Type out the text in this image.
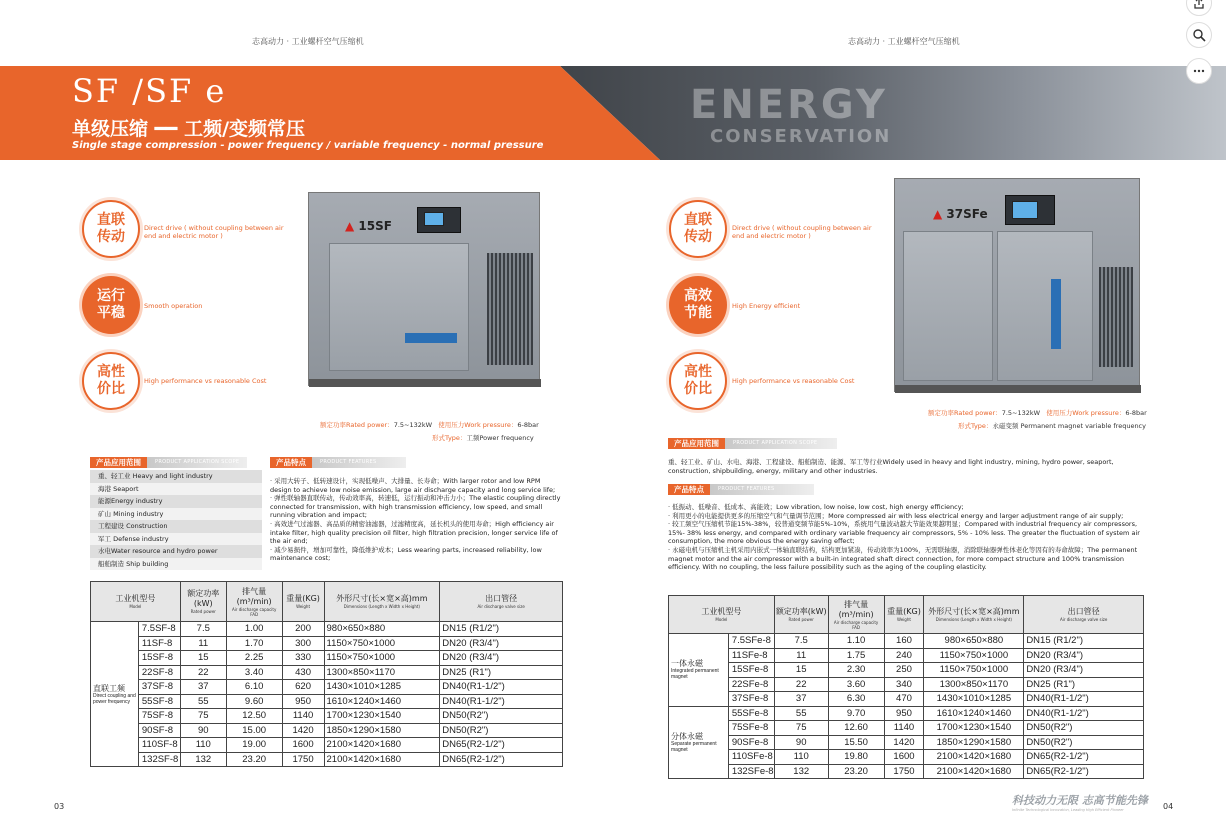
志高动力 · 工业螺杆空气压缩机	志高动力 · 工业螺杆空气压缩机
ENERGY
CONSERVATION
SF /SF e
单级压缩 ━━ 工频/变频常压
Single stage compression - power frequency / variable frequency - normal pressure
直联
传动
Direct drive ( without coupling between air end and electric motor )
运行
平稳	Smooth operation
高性
价比	High performance vs reasonable Cost
▲ 15SF
额定功率Rated power：7.5~132kW 使用压力Work pressure：6-8bar
形式Type：工频Power frequency
产品应用范围	PRODUCT APPLICATION SCOPE
重、轻工业 Heavy and light industry
海港 Seaport
能源Energy industry
矿山 Mining industry
工程建设 Construction
军工 Defense industry
水电Water resource and hydro power
船舶制造 Ship building
产品特点	PRODUCT FEATURES
· 采用大转子、低转速设计，实现低噪声、大排量、长寿命；With larger rotor and low RPM design to achieve low noise emission, large air discharge capacity and long service life;
· 弹性联轴器直联传动，传动效率高，转速低，运行振动和冲击力小；The elastic coupling directly connected for transmission, with high transmission efficiency, low speed, and small running vibration and impact;
· 高效进气过滤器、高品质的精密油滤器，过滤精度高，延长机头的使用寿命；High efficiency air intake filter, high quality precision oil filter, high filtration precision, longer service life of the air end;
· 减少易损件，增加可靠性，降低维护成本；Less wearing parts, increased reliability, low maintenance cost;
工业机型号
Model		额定功率(kW)
Rated power	排气量(m³/min)
Air discharge capacity FAD	重量(KG)
Weight	外形尺寸(长×宽×高)mm
Dimensions (Length x Width x Height)	出口管径
Air discharge valve size

直联工频
Direct coupling and power frequency	7.5SF-8	7.5	1.00	200	980×650×880	DN15 (R1/2")
	11SF-8	11	1.70	300	1150×750×1000	DN20 (R3/4")
	15SF-8	15	2.25	330	1150×750×1000	DN20 (R3/4")
	22SF-8	22	3.40	430	1300×850×1170	DN25 (R1")
	37SF-8	37	6.10	620	1430×1010×1285	DN40(R1-1/2")
	55SF-8	55	9.60	950	1610×1240×1460	DN40(R1-1/2")
	75SF-8	75	12.50	1140	1700×1230×1540	DN50(R2")
	90SF-8	90	15.00	1420	1850×1290×1580	DN50(R2")
	110SF-8	110	19.00	1600	2100×1420×1680	DN65(R2-1/2")
	132SF-8	132	23.20	1750	2100×1420×1680	DN65(R2-1/2")
03
直联
传动
Direct drive ( without coupling between air end and electric motor )
高效
节能	High Energy efficient
高性
价比	High performance vs reasonable Cost
▲ 37SFe
额定功率Rated power：7.5~132kW 使用压力Work pressure：6-8bar
形式Type：永磁变频 Permanent magnet variable frequency
产品应用范围	PRODUCT APPLICATION SCOPE
重、轻工业、矿山、水电、海港、工程建设、船舶制造、能源、军工等行业Widely used in heavy and light industry, mining, hydro power, seaport, construction, shipbuilding, energy, military and other industries.
产品特点	PRODUCT FEATURES
· 低振动、低噪音、低成本、高能效；Low vibration, low noise, low cost, high energy efficiency;
· 利用更小的电能提供更多的压缩空气和气量调节范围；More compressed air with less electrical energy and larger adjustment range of air supply;
· 较工频空气压缩机节能15%-38%，较普通变频节能5%-10%，系统用气量波动越大节能效果越明显；Compared with industrial frequency air compressors, 15%- 38% less energy, and compared with ordinary variable frequency air compressors, 5% - 10% less. The greater the fluctuation of system air consumption, the more obvious the energy saving effect;
· 永磁电机与压缩机主机采用内嵌式一体轴直联结构，结构更加紧凑，传动效率为100%，无需联轴器，消除联轴器弹性体老化等因有的寿命故障；The permanent magnet motor and the air compressor with a built-in integrated shaft direct connection, for more compact structure and 100% transmission efficiency. With no coupling, the less failure possibility such as the aging of the coupling elasticity.
工业机型号
Model		额定功率(kW)
Rated power	排气量(m³/min)
Air discharge capacity FAD	重量(KG)
Weight	外形尺寸(长×宽×高)mm
Dimensions (Length x Width x Height)	出口管径
Air discharge valve size

一体永磁
Integrated permanent magnet	7.5SFe-8	7.5	1.10	160	980×650×880	DN15 (R1/2")
	11SFe-8	11	1.75	240	1150×750×1000	DN20 (R3/4")
	15SFe-8	15	2.30	250	1150×750×1000	DN20 (R3/4")
	22SFe-8	22	3.60	340	1300×850×1170	DN25 (R1")
	37SFe-8	37	6.30	470	1430×1010×1285	DN40(R1-1/2")
分体永磁
Separate permanent magnet	55SFe-8	55	9.70	950	1610×1240×1460	DN40(R1-1/2")
	75SFe-8	75	12.60	1140	1700×1230×1540	DN50(R2")
	90SFe-8	90	15.50	1420	1850×1290×1580	DN50(R2")
	110SFe-8	110	19.80	1600	2100×1420×1680	DN65(R2-1/2")
	132SFe-8	132	23.20	1750	2100×1420×1680	DN65(R2-1/2")
科技动力无限 志高节能先锋
Infinite Technological Innovation, Leading High Efficient Pioneer	04
